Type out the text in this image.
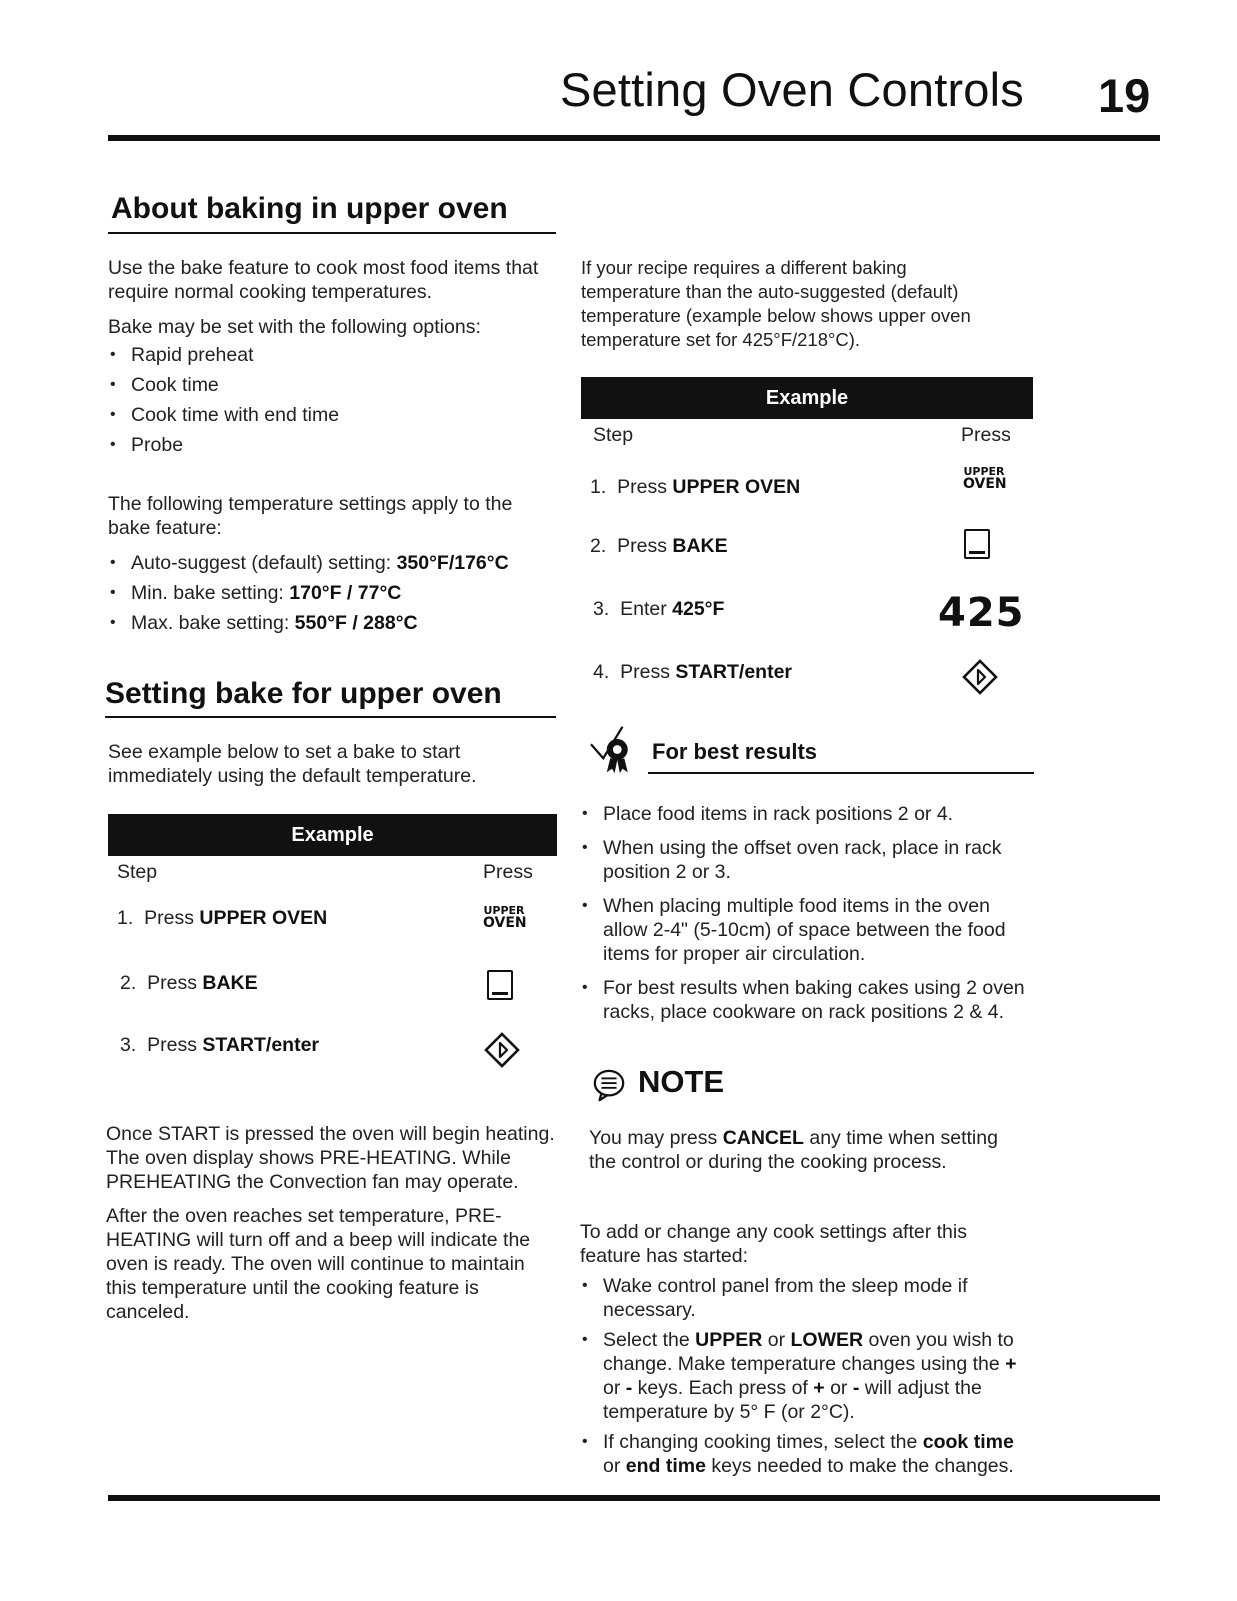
Setting Oven Controls 19
About baking in upper oven

Use the bake feature to cook most food items that require normal cooking temperatures.

Bake may be set with the following options:

• Rapid preheat
• Cook time
• Cook time with end time
• Probe

The following temperature settings apply to the bake feature:

• Auto-suggest (default) setting: 350°F/176°C
• Min. bake setting: 170°F / 77°C
• Max. bake setting: 550°F / 288°C
Setting bake for upper oven

See example below to set a bake to start immediately using the default temperature.

Example
Step	Press
1. Press UPPER OVEN	UPPER
OVEN
2. Press BAKE
3. Press START/enter

Once START is pressed the oven will begin heating. The oven display shows PRE-HEATING. While PREHEATING the Convection fan may operate.

After the oven reaches set temperature, PRE-HEATING will turn off and a beep will indicate the oven is ready. The oven will continue to maintain this temperature until the cooking feature is canceled.

If your recipe requires a different baking temperature than the auto-suggested (default) temperature (example below shows upper oven temperature set for 425°F/218°C).

Example
Step	Press
1. Press UPPER OVEN
UPPER
OVEN
2. Press BAKE
3. Enter 425°F	425
4. Press START/enter
For best results
• Place food items in rack positions 2 or 4.
• When using the offset oven rack, place in rack position 2 or 3.
• When placing multiple food items in the oven allow 2-4" (5-10cm) of space between the food items for proper air circulation.
• For best results when baking cakes using 2 oven racks, place cookware on rack positions 2 & 4.
NOTE

You may press CANCEL any time when setting the control or during the cooking process.

To add or change any cook settings after this feature has started:

• Wake control panel from the sleep mode if necessary.
• Select the UPPER or LOWER oven you wish to change. Make temperature changes using the + or - keys. Each press of + or - will adjust the temperature by 5° F (or 2°C).
• If changing cooking times, select the cook time or end time keys needed to make the changes.
